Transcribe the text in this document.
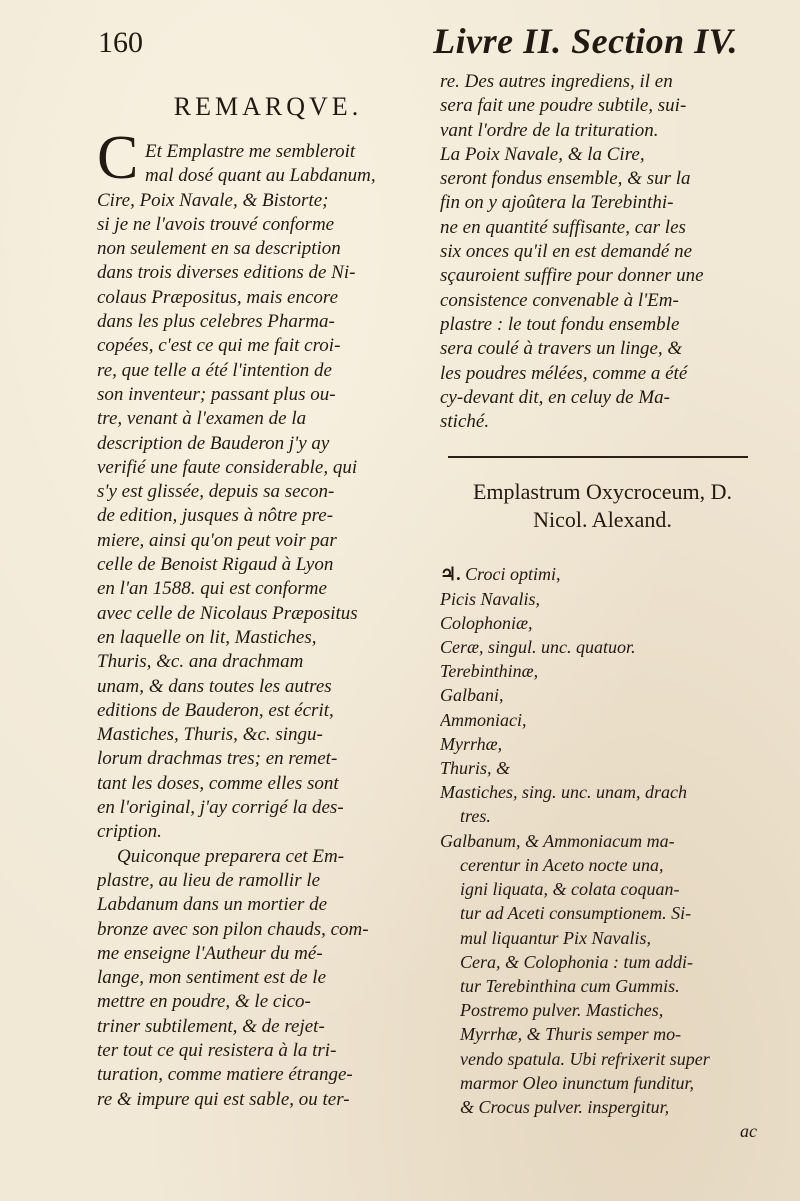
160	Livre II. Section IV.
REMARQVE.
C Et Emplastre me sembleroit
mal dosé quant au Labdanum,
Cire, Poix Navale, & Bistorte;
si je ne l'avois trouvé conforme
non seulement en sa description
dans trois diverses editions de Ni-
colaus Præpositus, mais encore
dans les plus celebres Pharma-
copées, c'est ce qui me fait croi-
re, que telle a été l'intention de
son inventeur; passant plus ou-
tre, venant à l'examen de la
description de Bauderon j'y ay
verifié une faute considerable, qui
s'y est glissée, depuis sa secon-
de edition, jusques à nôtre pre-
miere, ainsi qu'on peut voir par
celle de Benoist Rigaud à Lyon
en l'an 1588. qui est conforme
avec celle de Nicolaus Præpositus
en laquelle on lit, Mastiches,
Thuris, &c. ana drachmam
unam, & dans toutes les autres
editions de Bauderon, est écrit,
Mastiches, Thuris, &c. singu-
lorum drachmas tres; en remet-
tant les doses, comme elles sont
en l'original, j'ay corrigé la des-
cription.
Quiconque preparera cet Em-
plastre, au lieu de ramollir le
Labdanum dans un mortier de
bronze avec son pilon chauds, com-
me enseigne l'Autheur du mé-
lange, mon sentiment est de le
mettre en poudre, & le cico-
triner subtilement, & de rejet-
ter tout ce qui resistera à la tri-
turation, comme matiere étrange-
re & impure qui est sable, ou ter-
re. Des autres ingrediens, il en
sera fait une poudre subtile, sui-
vant l'ordre de la trituration.
La Poix Navale, & la Cire,
seront fondus ensemble, & sur la
fin on y ajoûtera la Terebinthi-
ne en quantité suffisante, car les
six onces qu'il en est demandé ne
sçauroient suffire pour donner une
consistence convenable à l'Em-
plastre : le tout fondu ensemble
sera coulé à travers un linge, &
les poudres mélées, comme a été
cy-devant dit, en celuy de Ma-
stiché.
Emplastrum Oxycroceum, D.
Nicol. Alexand.
♃. Croci optimi,
Picis Navalis,
Colophoniæ,
Ceræ, singul. unc. quatuor.
Terebinthinæ,
Galbani,
Ammoniaci,
Myrrhæ,
Thuris, &
Mastiches, sing. unc. unam, drach
tres.
Galbanum, & Ammoniacum ma-
cerentur in Aceto nocte una,
igni liquata, & colata coquan-
tur ad Aceti consumptionem. Si-
mul liquantur Pix Navalis,
Cera, & Colophonia : tum addi-
tur Terebinthina cum Gummis.
Postremo pulver. Mastiches,
Myrrhæ, & Thuris semper mo-
vendo spatula. Ubi refrixerit super
marmor Oleo inunctum funditur,
& Crocus pulver. inspergitur,
ac
